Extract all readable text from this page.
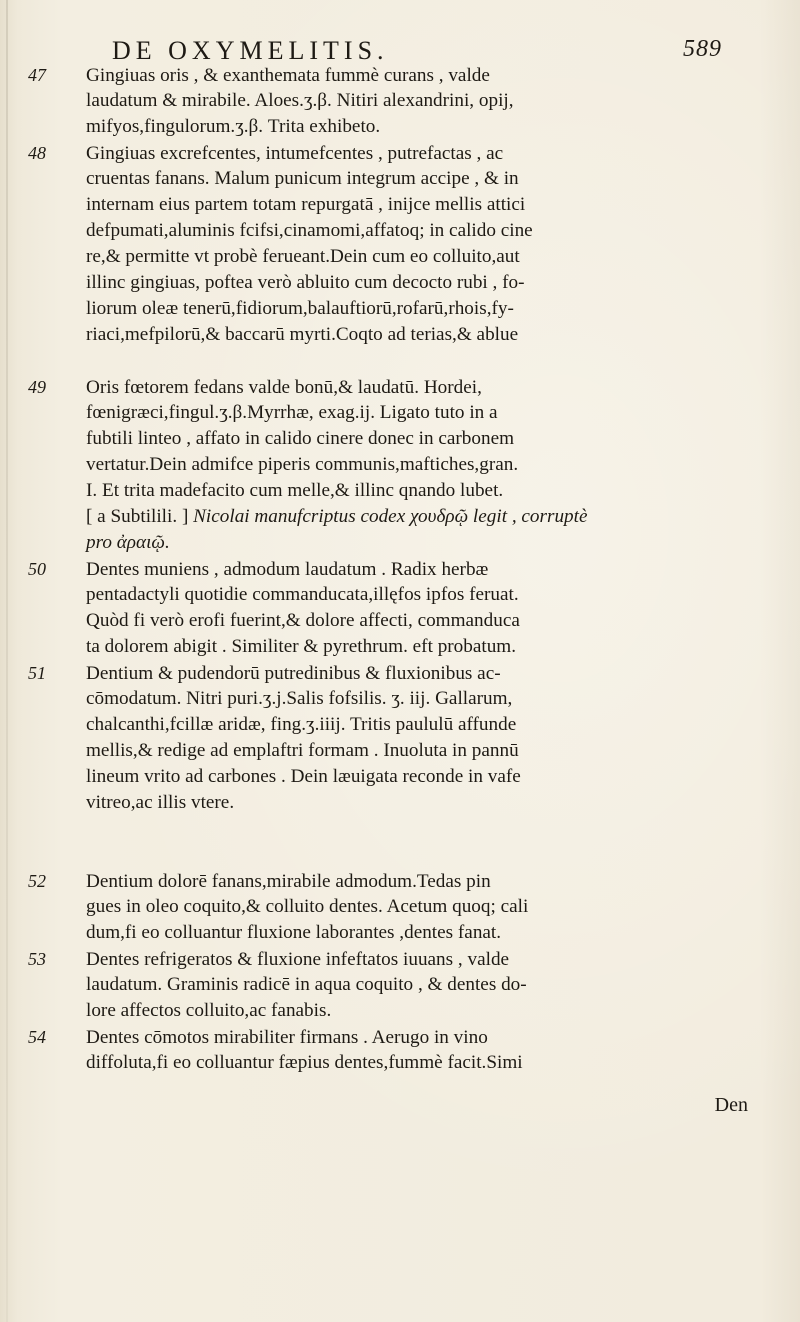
DE OXYMELITIS.	589
47 Gingiuas oris , & exanthemata fummè curans , valde
laudatum & mirabile. Aloes.ʒ.β. Nitiri alexandrini, opij,
mifyos,fingulorum.ʒ.β. Trita exhibeto.
48 Gingiuas excrefcentes, intumefcentes , putrefactas , ac
cruentas fanans. Malum punicum integrum accipe , & in
internam eius partem totam repurgatā , inijce mellis attici
defpumati,aluminis fcifsi,cinamomi,affatoq; in calido cine
re,& permitte vt probè feruеant.Dein cum eo colluito,aut
illinc gingiuas, poftea verò abluito cum decocto rubi , fo-
liorum oleæ tenerū,fidiorum,balauftiorū,rofarū,rhois,fy-
riaci,mefpilorū,& baccarū myrti.Coqto ad terias,& ablue
49 Oris fœtorem fedans valde bonū,& laudatū. Hordei,
fœnigræci,fingul.ʒ.β.Myrrhæ, exag.ij. Ligato tuto in a
fubtili linteo , affato in calido cinere donec in carbonem
vertatur.Dein admifce piperis communis,maftiches,gran.
I. Et trita madefacito cum melle,& illinc qnando lubet.
[ a Subtilili. ] Nicolai manufcriptus codex χουδρῷ legit , corruptè
pro ἀραιῷ.
50 Dentes muniens , admodum laudatum . Radix herbæ
pentadactyli quotidie commanducata,illęfos ipfos feruat.
Quòd fi verò erofi fuerint,& dolore affecti, commanduca
ta dolorem abigit . Similiter & pyrethrum. eft probatum.
51 Dentium & pudendorū putredinibus & fluxionibus ac-
cōmodatum. Nitri puri.ʒ.j.Salis fofsilis. ʒ. iij. Gallarum,
chalcanthi,fcillæ aridæ, fing.ʒ.iiij. Tritis paululū affunde
mellis,& redige ad emplaftri formam . Inuoluta in pannū
lineum vrito ad carbones . Dein læuigata reconde in vafe
vitreo,ac illis vtere.
52 Dentium dolorē fanans,mirabile admodum.Tedas pin
gues in oleo coquito,& colluito dentes. Acetum quoq; cali
dum,fi eo colluantur fluxione laborantes ,dentes fanat.
53 Dentes refrigeratos & fluxione infeftatos iuuans , valde
laudatum. Graminis radicē in aqua coquito , & dentes do-
lore affectos colluito,ac fanabis.
54 Dentes cōmotos mirabiliter firmans . Aerugo in vino
diffoluta,fi eo colluantur fæpius dentes,fummè facit.Simi
Den
